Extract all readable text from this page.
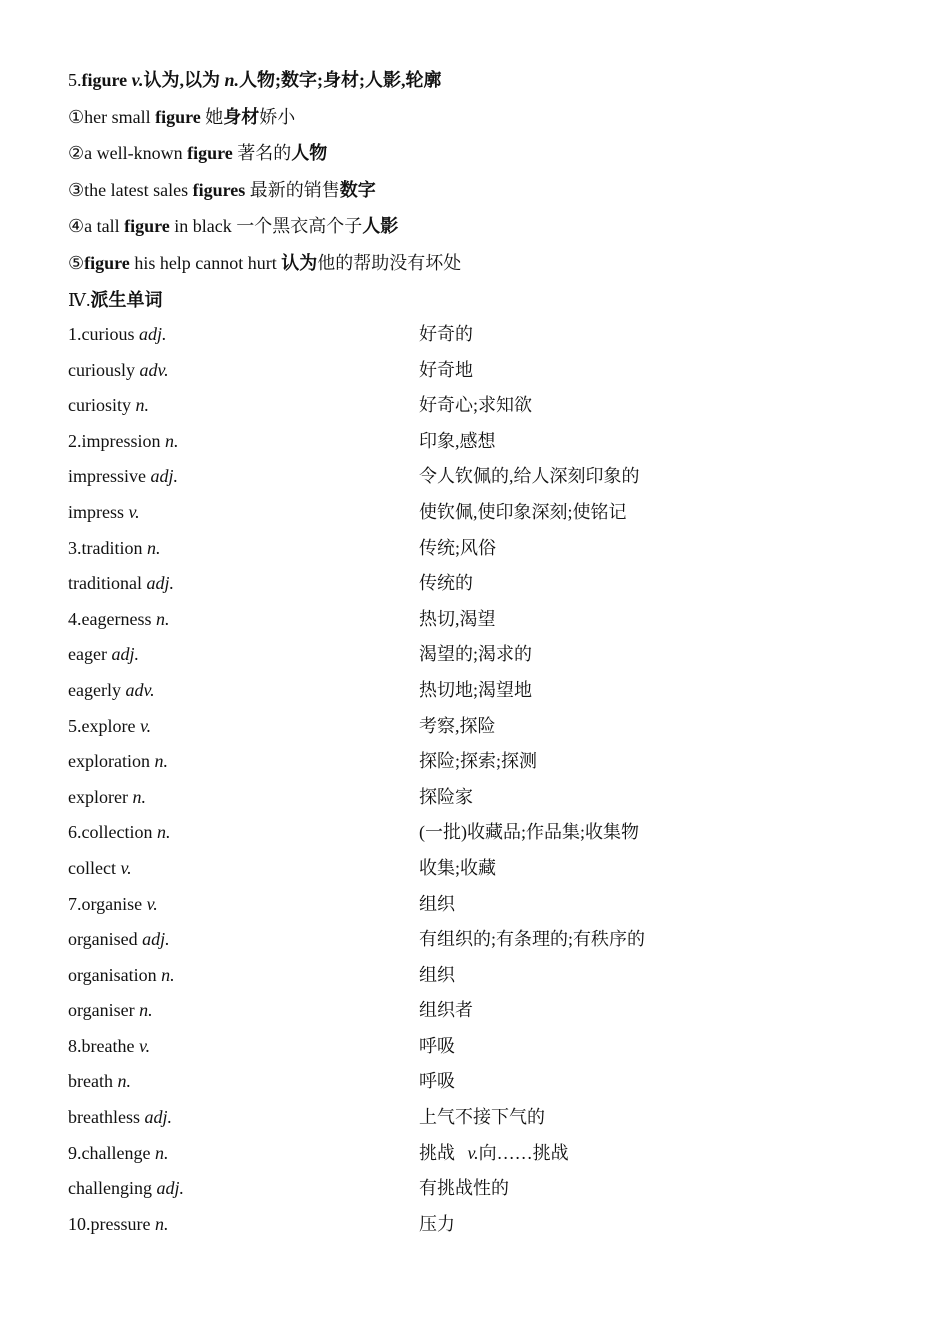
5.figure v.认为,以为 n.人物;数字;身材;人影,轮廓
①her small figure 她身材娇小
②a well-known figure 著名的人物
③the latest sales figures 最新的销售数字
④a tall figure in black 一个黑衣高个子人影
⑤figure his help cannot hurt 认为他的帮助没有坏处
Ⅳ.派生单词
1.curious adj.	好奇的
curiously adv.	好奇地
curiosity n.	好奇心;求知欲
2.impression n.	印象,感想
impressive adj.	令人钦佩的,给人深刻印象的
impress v.	使钦佩,使印象深刻;使铭记
3.tradition n.	传统;风俗
traditional adj.	传统的
4.eagerness n.	热切,渴望
eager adj.	渴望的;渴求的
eagerly adv.	热切地;渴望地
5.explore v.	考察,探险
exploration n.	探险;探索;探测
explorer n.	探险家
6.collection n.	(一批)收藏品;作品集;收集物
collect v.	收集;收藏
7.organise v.	组织
organised adj.	有组织的;有条理的;有秩序的
organisation n.	组织
organiser n.	组织者
8.breathe v.	呼吸
breath n.	呼吸
breathless adj.	上气不接下气的
9.challenge n.	挑战 v.向……挑战
challenging adj.	有挑战性的
10.pressure n.	压力
